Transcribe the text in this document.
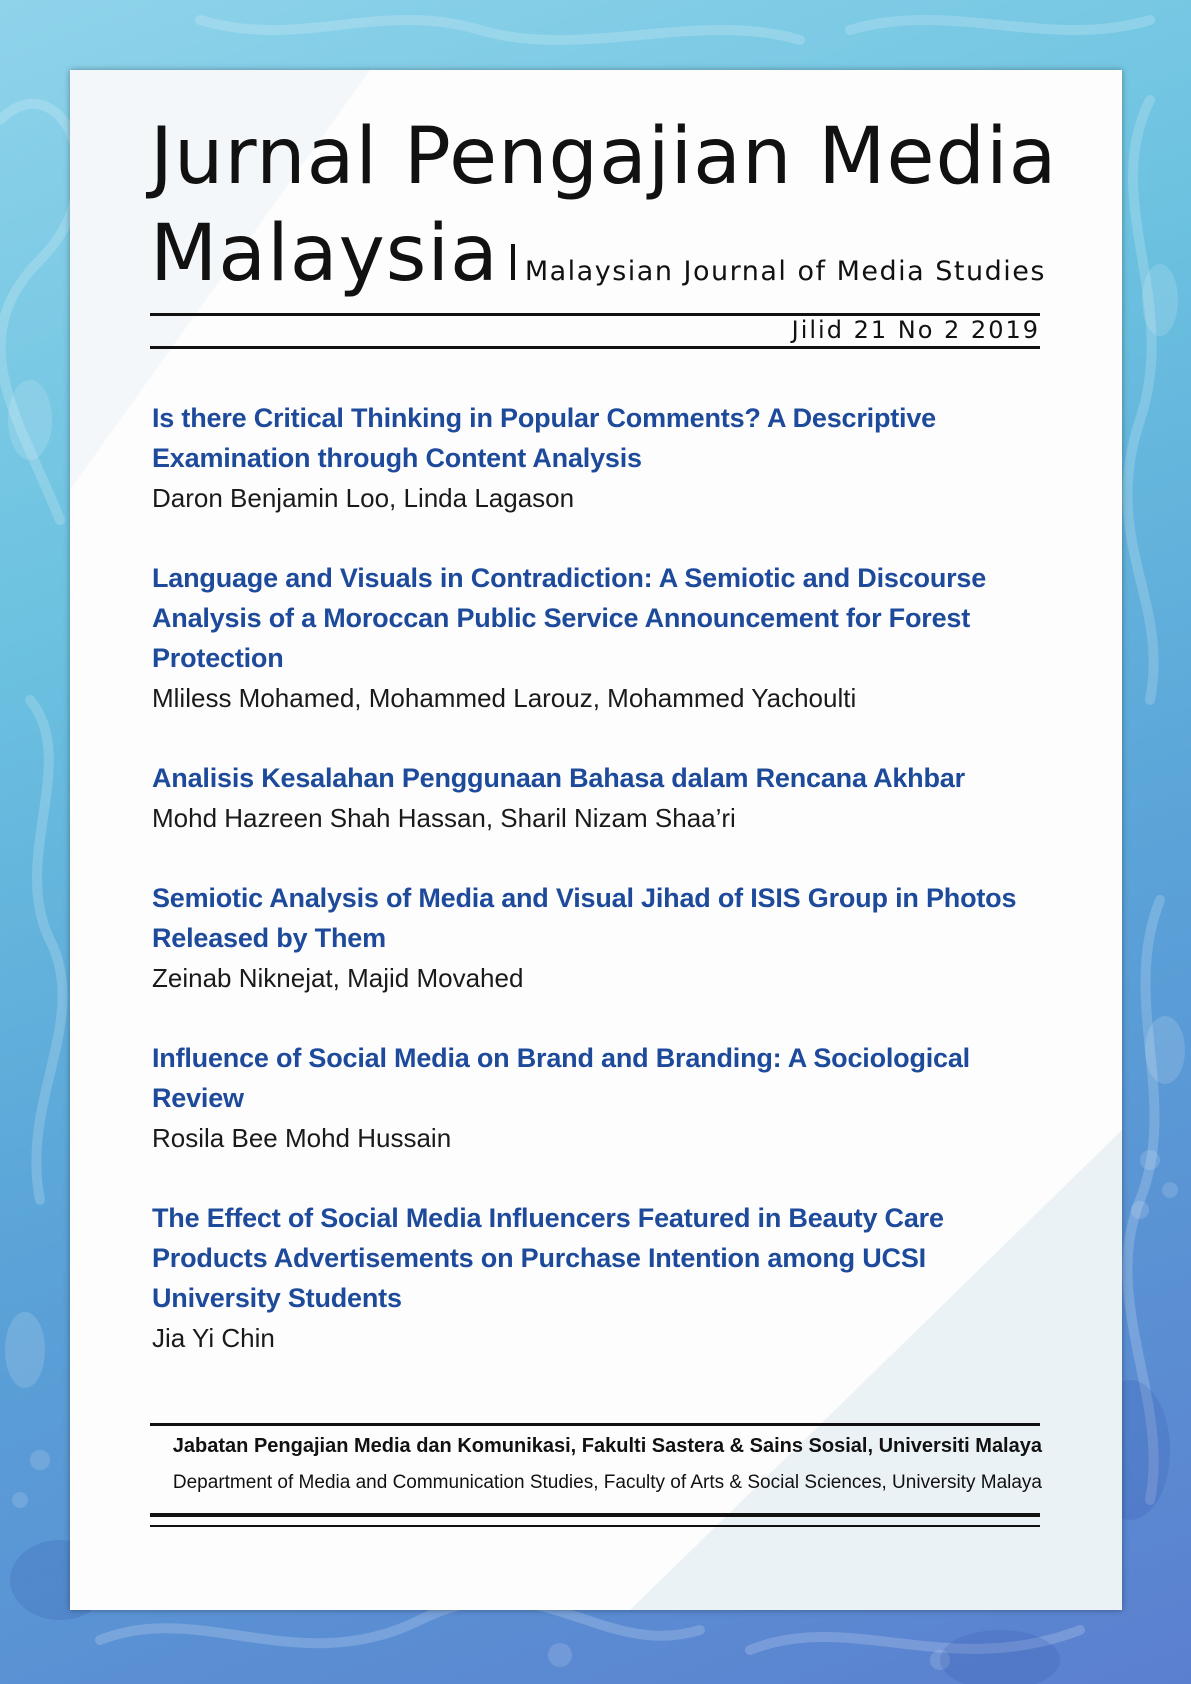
Jurnal Pengajian Media
Malaysia Malaysian Journal of Media Studies
Jilid 21 No 2 2019
Is there Critical Thinking in Popular Comments? A Descriptive Examination through Content Analysis
Daron Benjamin Loo, Linda Lagason
Language and Visuals in Contradiction: A Semiotic and Discourse Analysis of a Moroccan Public Service Announcement for Forest Protection
Mliless Mohamed, Mohammed Larouz, Mohammed Yachoulti
Analisis Kesalahan Penggunaan Bahasa dalam Rencana Akhbar
Mohd Hazreen Shah Hassan, Sharil Nizam Shaa’ri
Semiotic Analysis of Media and Visual Jihad of ISIS Group in Photos Released by Them
Zeinab Niknejat, Majid Movahed
Influence of Social Media on Brand and Branding: A Sociological Review
Rosila Bee Mohd Hussain
The Effect of Social Media Influencers Featured in Beauty Care Products Advertisements on Purchase Intention among UCSI University Students
Jia Yi Chin
Jabatan Pengajian Media dan Komunikasi, Fakulti Sastera & Sains Sosial, Universiti Malaya
Department of Media and Communication Studies, Faculty of Arts & Social Sciences, University Malaya
